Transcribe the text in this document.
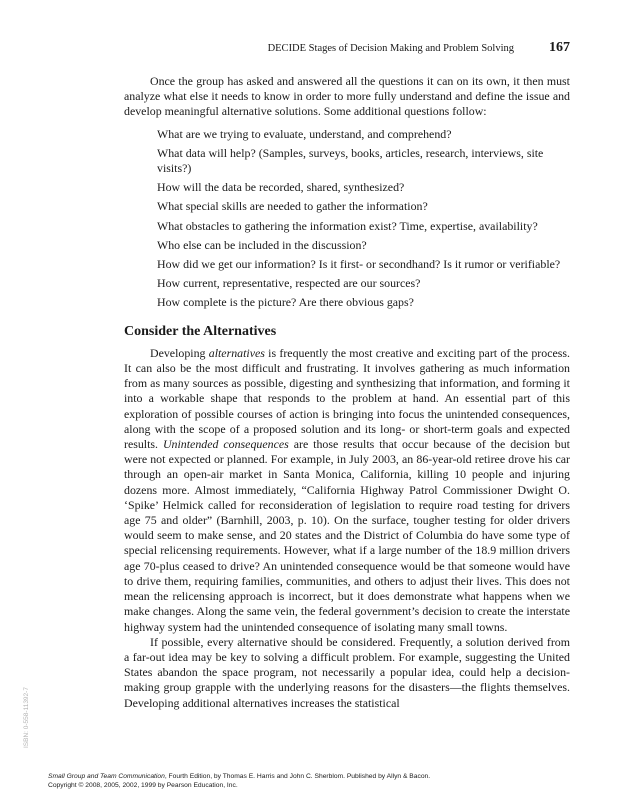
DECIDE Stages of Decision Making and Problem Solving	167

Once the group has asked and answered all the questions it can on its own, it then must analyze what else it needs to know in order to more fully understand and define the issue and develop meaningful alternative solutions. Some additional questions follow:

What are we trying to evaluate, understand, and comprehend?
What data will help? (Samples, surveys, books, articles, research, interviews, site visits?)
How will the data be recorded, shared, synthesized?
What special skills are needed to gather the information?
What obstacles to gathering the information exist? Time, expertise, availability?
Who else can be included in the discussion?
How did we get our information? Is it first- or secondhand? Is it rumor or verifiable?
How current, representative, respected are our sources?
How complete is the picture? Are there obvious gaps?
Consider the Alternatives

Developing alternatives is frequently the most creative and exciting part of the process. It can also be the most difficult and frustrating. It involves gathering as much information from as many sources as possible, digesting and synthesizing that information, and forming it into a workable shape that responds to the problem at hand. An essential part of this exploration of possible courses of action is bringing into focus the unintended consequences, along with the scope of a proposed solution and its long- or short-term goals and expected results. Unintended consequences are those results that occur because of the decision but were not expected or planned. For example, in July 2003, an 86-year-old retiree drove his car through an open-air market in Santa Monica, California, killing 10 people and injuring dozens more. Almost immediately, “California Highway Patrol Commissioner Dwight O. ‘Spike’ Helmick called for reconsideration of legislation to require road testing for drivers age 75 and older” (Barnhill, 2003, p. 10). On the surface, tougher testing for older drivers would seem to make sense, and 20 states and the District of Columbia do have some type of special relicensing requirements. However, what if a large number of the 18.9 million drivers age 70-plus ceased to drive? An unintended consequence would be that someone would have to drive them, requiring families, communities, and others to adjust their lives. This does not mean the relicensing approach is incorrect, but it does demonstrate what happens when we make changes. Along the same vein, the federal government’s decision to create the interstate highway system had the unintended consequence of isolating many small towns.

If possible, every alternative should be considered. Frequently, a solution derived from a far-out idea may be key to solving a difficult problem. For example, suggesting the United States abandon the space program, not necessarily a popular idea, could help a decision-making group grapple with the underlying reasons for the disasters—the flights themselves. Developing additional alternatives increases the statistical

ISBN: 0-558-11392-7
Small Group and Team Communication, Fourth Edition, by Thomas E. Harris and John C. Sherblom. Published by Allyn & Bacon.
Copyright © 2008, 2005, 2002, 1999 by Pearson Education, Inc.
